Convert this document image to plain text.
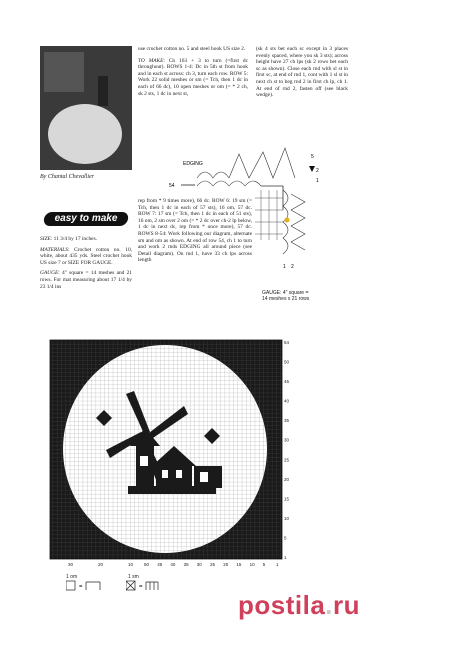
By Chantal Chevallier
easy to make
SIZE: 11 3/4 by 17 inches.
MATERIALS: Crochet cotton no. 10, white, about 435 yds. Steel crochet hook US size 7 or SIZE FOR GAUGE.
GAUGE: 4" square = 14 meshes and 21 rows. For mat measuring about 17 1/4 by 23 1/4 ins
use crochet cotton no. 5 and steel hook US size 2.
TO MAKE: Ch 163 + 3 to turn (=first dc throughout). ROWS 1-4: Dc in 5th st from hook and in each st across: ch 3, turn each row. ROW 5: Work 22 solid meshes or sm (= Tch, then 1 dc in each of 66 dc), 10 open meshes or om (= * 2 ch, sk 2 sts, 1 dc in next st,
rep from * 9 times more), 66 dc. ROW 6: 19 sm (= Tch, then 1 dc in each of 57 sts), 16 om, 57 dc. ROW 7: 17 sm (= Tch, then 1 dc in each of 51 sts), 16 om, 2 sm over 2 om (= * 2 dc over ch-2 lp below, 1 dc in next dc, rep from * once more), 57 dc. ROWS 8-54: Work following our diagram, alternate sm and om as shown. At end of row 54, ch 1 to turn and work 2 rnds EDGING all around piece (see Detail diagram). On rnd 1, have 33 ch lps across length
(sk 4 sts bet each sc except in 3 places evenly spaced, where you sk 3 sts); across height have 27 ch lps (sk 2 rows bet each sc as shown). Close each rnd with sl st in first sc, at end of rnd 1, cont with 1 sl st in next ch st to beg rnd 2 in first ch lp, ch 1. At end of rnd 2, fasten off (see black wedge).
EDGING
54
5
2
1
1 2
GAUGE: 4" square =
14 meshes x 21 rows
54
50
45
40
35
30
25
20
15
10
5
1
50 45 40 35 30 25 20 15 10 5 1
30	20	10
1 om
=
1 sm
=
postila.ru
